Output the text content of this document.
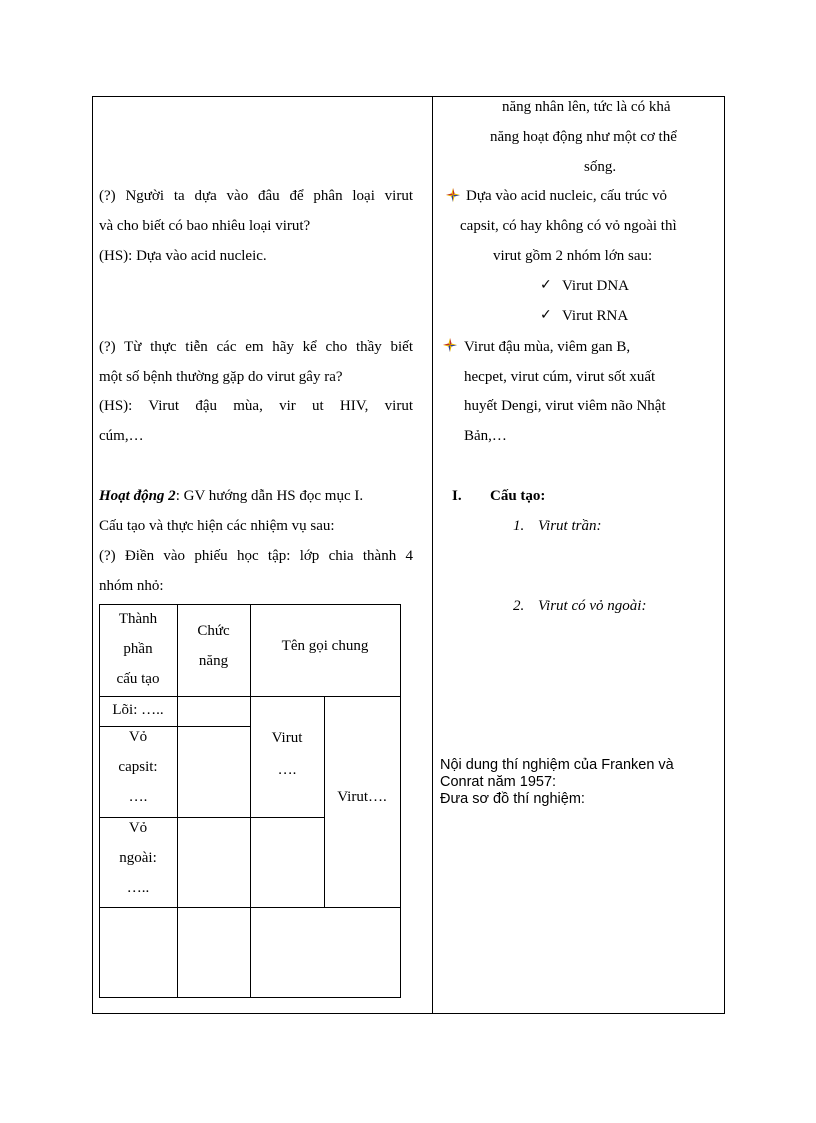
(?) Người ta dựa vào đâu để phân loại virut
và cho biết có bao nhiêu loại virut?
(HS): Dựa vào acid nucleic.
(?) Từ thực tiễn các em hãy kể cho thầy biết
một số bệnh thường gặp do virut gây ra?
(HS): Virut đậu mùa, vir ut HIV, virut
cúm,…
Hoạt động 2: GV hướng dẫn HS đọc mục I.
Cấu tạo và thực hiện các nhiệm vụ sau:
(?) Điền vào phiếu học tập: lớp chia thành 4
nhóm nhỏ:
Thành
phần
cấu tạo
Chức
năng
Tên gọi chung
Lõi: …..
Vỏ
capsit:
….
Vỏ
ngoài:
…..
Virut
….
Virut….
năng nhân lên, tức là có khả
năng hoạt động như một cơ thể
sống.
Dựa vào acid nucleic, cấu trúc vỏ
capsit, có hay không có vỏ ngoài thì
virut gồm 2 nhóm lớn sau:
✓ Virut DNA
✓ Virut RNA
Virut đậu mùa, viêm gan B,
hecpet, virut cúm, virut sốt xuất
huyết Dengi, virut viêm não Nhật
Bản,…
I. Cấu tạo:
1. Virut trần:
2. Virut có vỏ ngoài:
Nội dung thí nghiệm của Franken và
Conrat năm 1957:
Đưa sơ đồ thí nghiệm:
